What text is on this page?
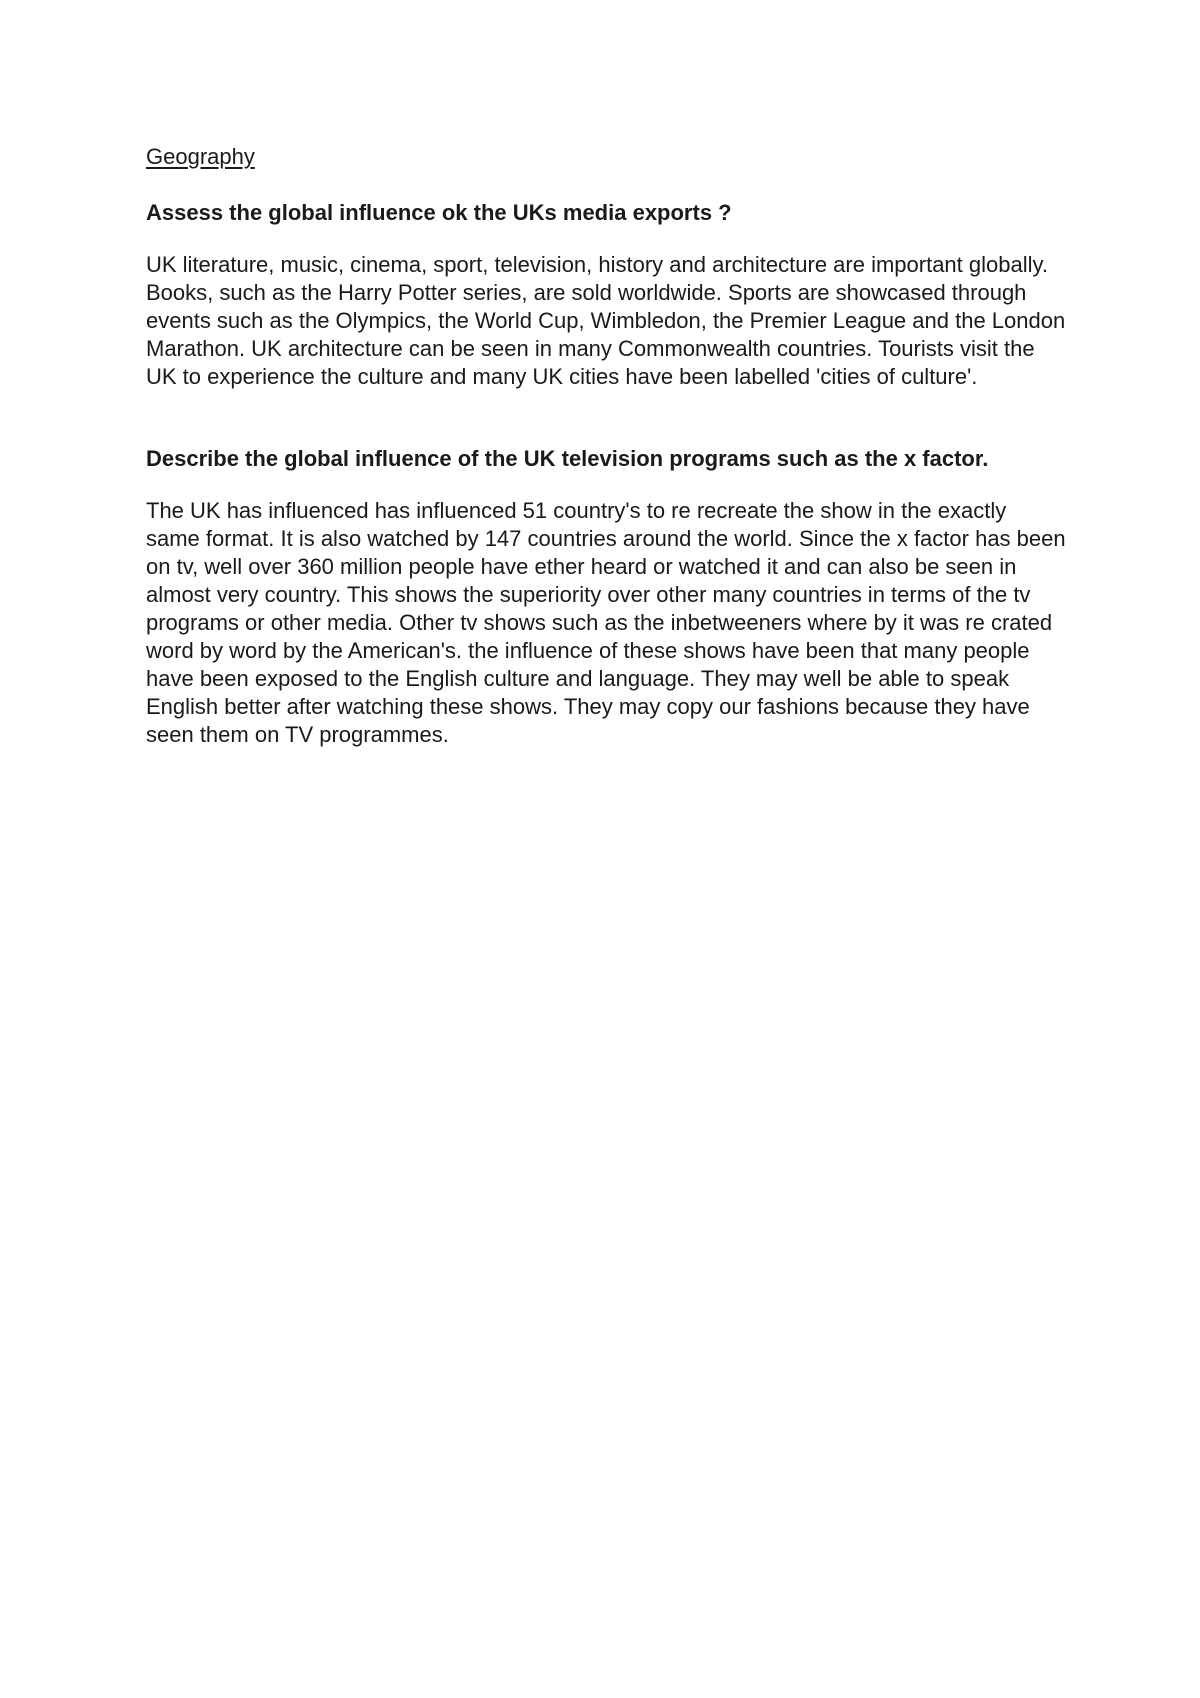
Geography
Assess the global influence ok the UKs media exports ?

UK literature, music, cinema, sport, television, history and architecture are important globally. Books, such as the Harry Potter series, are sold worldwide. Sports are showcased through events such as the Olympics, the World Cup, Wimbledon, the Premier League and the London Marathon. UK architecture can be seen in many Commonwealth countries. Tourists visit the UK to experience the culture and many UK cities have been labelled 'cities of culture'.

Describe the global influence of the UK television programs such as the x factor.

The UK has influenced has influenced 51 country's to re recreate the show in the exactly same format. It is also watched by 147 countries around the world. Since the x factor has been on tv, well over 360 million people have ether heard or watched it and can also be seen in almost very country. This shows the superiority over other many countries in terms of the tv programs or other media. Other tv shows such as the inbetweeners where by it was re crated word by word by the American's. the influence of these shows have been that many people have been exposed to the English culture and language. They may well be able to speak English better after watching these shows. They may copy our fashions because they have seen them on TV programmes.
